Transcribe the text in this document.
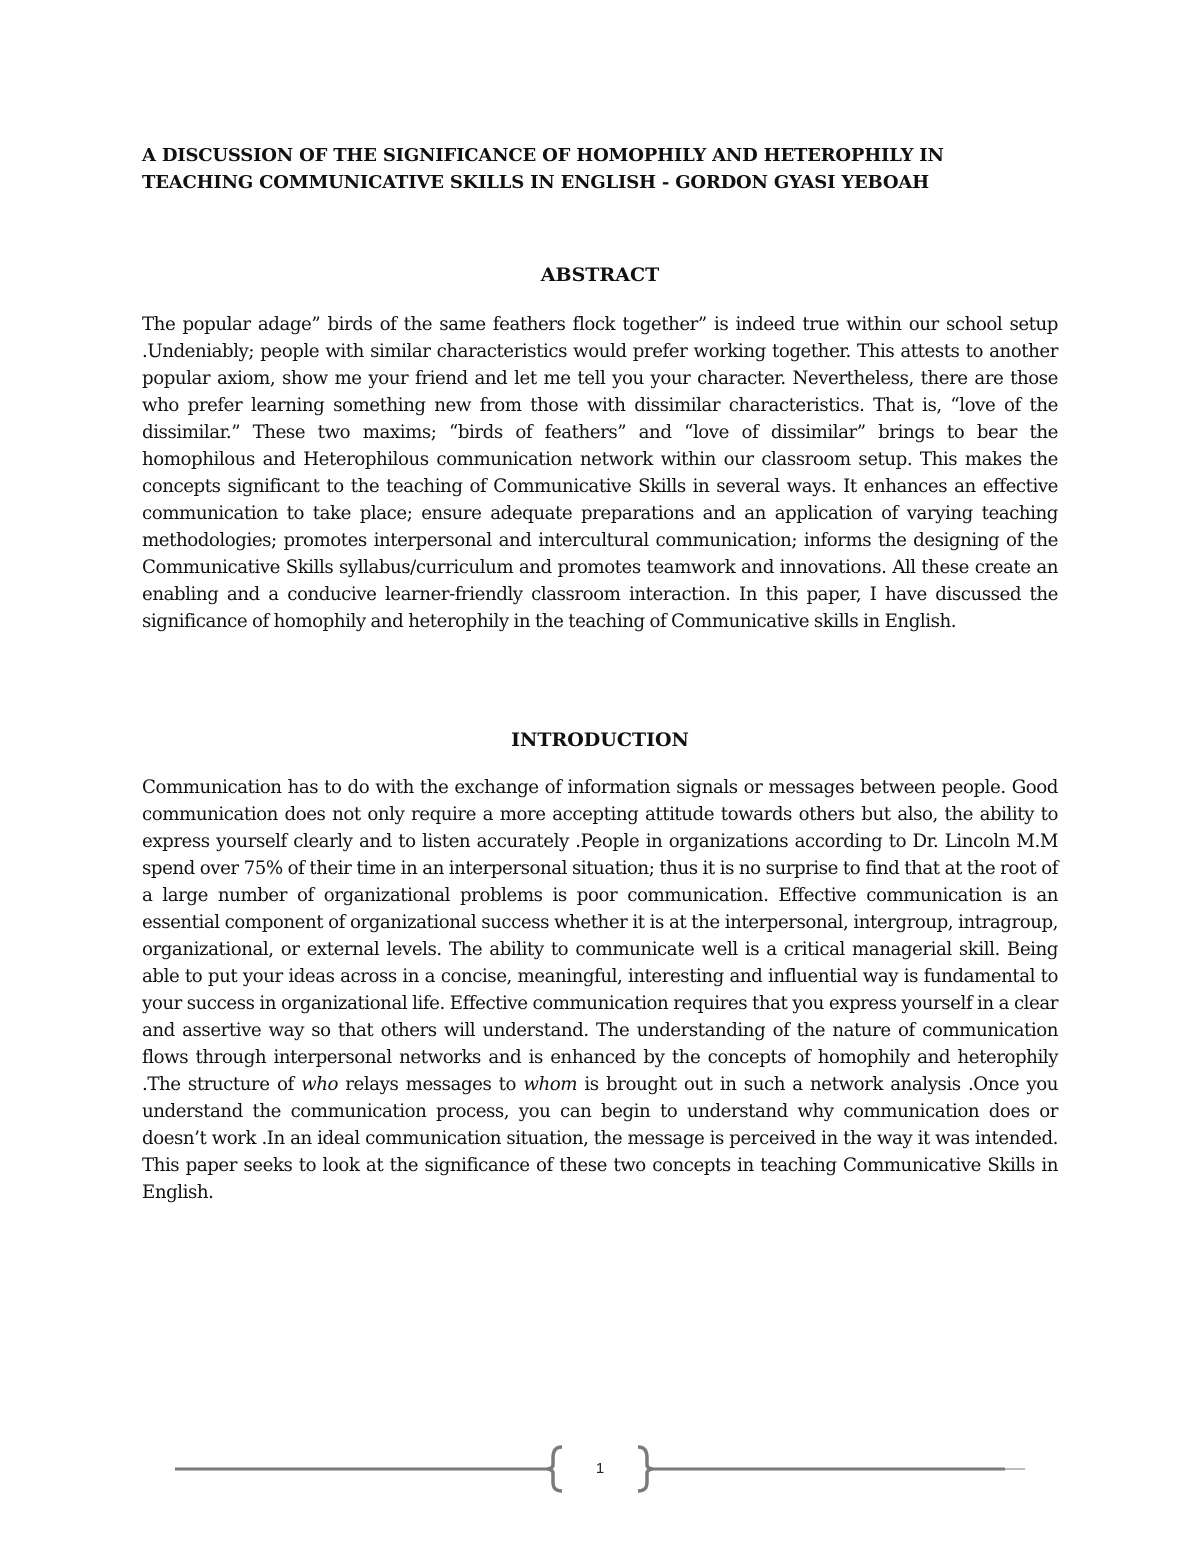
A DISCUSSION OF THE SIGNIFICANCE OF HOMOPHILY AND HETEROPHILY IN
TEACHING COMMUNICATIVE SKILLS IN ENGLISH - GORDON GYASI YEBOAH
ABSTRACT

The popular adage” birds of the same feathers flock together” is indeed true within our school setup .Undeniably; people with similar characteristics would prefer working together. This attests to another popular axiom, show me your friend and let me tell you your character. Nevertheless, there are those who prefer learning something new from those with dissimilar characteristics. That is, “love of the dissimilar.” These two maxims; “birds of feathers” and “love of dissimilar” brings to bear the homophilous and Heterophilous communication network within our classroom setup. This makes the concepts significant to the teaching of Communicative Skills in several ways. It enhances an effective communication to take place; ensure adequate preparations and an application of varying teaching methodologies; promotes interpersonal and intercultural communication; informs the designing of the Communicative Skills syllabus/curriculum and promotes teamwork and innovations. All these create an enabling and a conducive learner-friendly classroom interaction. In this paper, I have discussed the significance of homophily and heterophily in the teaching of Communicative skills in English.

INTRODUCTION

Communication has to do with the exchange of information signals or messages between people. Good communication does not only require a more accepting attitude towards others but also, the ability to express yourself clearly and to listen accurately .People in organizations according to Dr. Lincoln M.M spend over 75% of their time in an interpersonal situation; thus it is no surprise to find that at the root of a large number of organizational problems is poor communication. Effective communication is an essential component of organizational success whether it is at the interpersonal, intergroup, intragroup, organizational, or external levels. The ability to communicate well is a critical managerial skill. Being able to put your ideas across in a concise, meaningful, interesting and influential way is fundamental to your success in organizational life. Effective communication requires that you express yourself in a clear and assertive way so that others will understand. The understanding of the nature of communication flows through interpersonal networks and is enhanced by the concepts of homophily and heterophily .The structure of who relays messages to whom is brought out in such a network analysis .Once you understand the communication process, you can begin to understand why communication does or doesn’t work .In an ideal communication situation, the message is perceived in the way it was intended. This paper seeks to look at the significance of these two concepts in teaching Communicative Skills in English.

1
